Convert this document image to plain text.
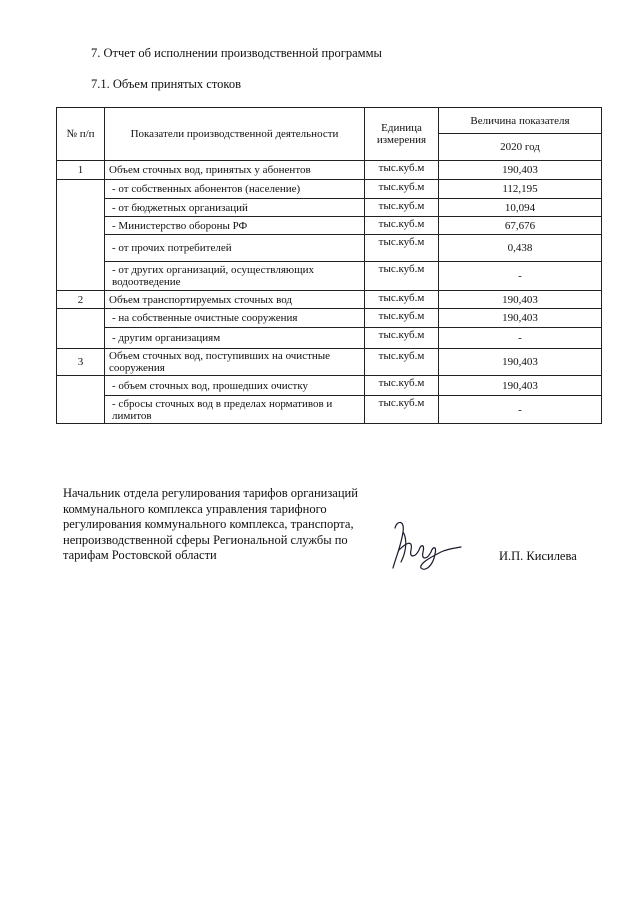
7. Отчет об исполнении производственной программы
7.1. Объем принятых стоков
№ п/п	Показатели производственной деятельности	Единица измерения	Величина показателя
			2020 год
1	Объем сточных вод, принятых у абонентов	тыс.куб.м	190,403
	- от собственных абонентов (население)	тыс.куб.м	112,195
	- от бюджетных организаций	тыс.куб.м	10,094
	- Министерство обороны РФ	тыс.куб.м	67,676
	- от прочих потребителей	тыс.куб.м	0,438
	- от других организаций, осуществляющих водоотведение	тыс.куб.м	-
2	Объем транспортируемых сточных вод	тыс.куб.м	190,403
	- на собственные очистные сооружения	тыс.куб.м	190,403
	- другим организациям	тыс.куб.м	-
3	Объем сточных вод, поступивших на очистные сооружения	тыс.куб.м	190,403
	- объем сточных вод, прошедших очистку	тыс.куб.м	190,403
	- сбросы сточных вод в пределах нормативов и лимитов	тыс.куб.м	-
Начальник отдела регулирования тарифов организаций
коммунального комплекса управления тарифного
регулирования коммунального комплекса, транспорта,
непроизводственной сферы Региональной службы по
тарифам Ростовской области	И.П. Кисилева
